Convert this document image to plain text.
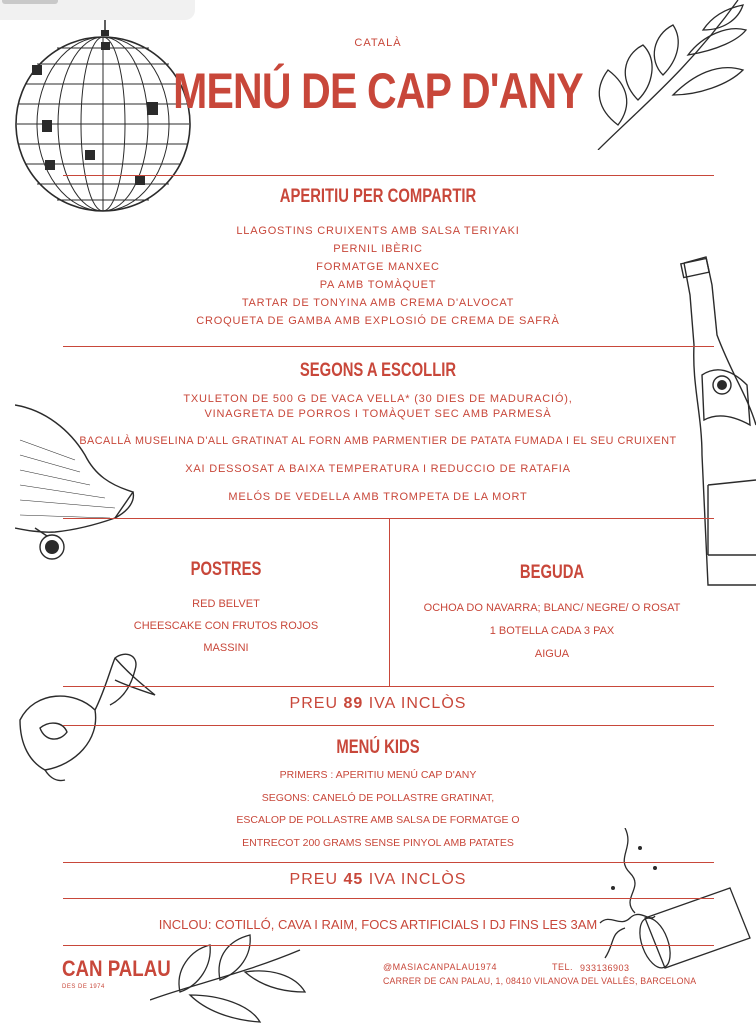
CATALÀ
MENÚ DE CAP D'ANY
APERITIU PER COMPARTIR
LLAGOSTINS CRUIXENTS AMB SALSA TERIYAKI
PERNIL IBÈRIC
FORMATGE MANXEC
PA AMB TOMÀQUET
TARTAR DE TONYINA AMB CREMA D'ALVOCAT
CROQUETA DE GAMBA AMB EXPLOSIÓ DE CREMA DE SAFRÀ
SEGONS A ESCOLLIR
TXULETON DE 500 G DE VACA VELLA* (30 DIES DE MADURACIÓ),
VINAGRETA DE PORROS I TOMÀQUET SEC AMB PARMESÀ
BACALLÀ MUSELINA D'ALL GRATINAT AL FORN AMB PARMENTIER DE PATATA FUMADA I EL SEU CRUIXENT
XAI DESSOSAT A BAIXA TEMPERATURA I REDUCCIO DE RATAFIA
MELÓS DE VEDELLA AMB TROMPETA DE LA MORT
POSTRES
RED BELVET
CHEESCAKE CON FRUTOS ROJOS
MASSINI
BEGUDA
OCHOA DO NAVARRA; BLANC/ NEGRE/ O ROSAT
1 BOTELLA CADA 3 PAX
AIGUA
PREU 89 IVA INCLÒS
MENÚ KIDS
PRIMERS : APERITIU MENÚ CAP D'ANY
SEGONS: CANELÓ DE POLLASTRE GRATINAT,
ESCALOP DE POLLASTRE AMB SALSA DE FORMATGE O
ENTRECOT 200 GRAMS SENSE PINYOL AMB PATATES
PREU 45 IVA INCLÒS
INCLOU: COTILLÓ, CAVA I RAIM, FOCS ARTIFICIALS I DJ FINS LES 3AM
CAN PALAU
DES DE 1974
@MASIACANPALAU1974	TEL. 933136903
CARRER DE CAN PALAU, 1, 08410 VILANOVA DEL VALLÈS, BARCELONA
